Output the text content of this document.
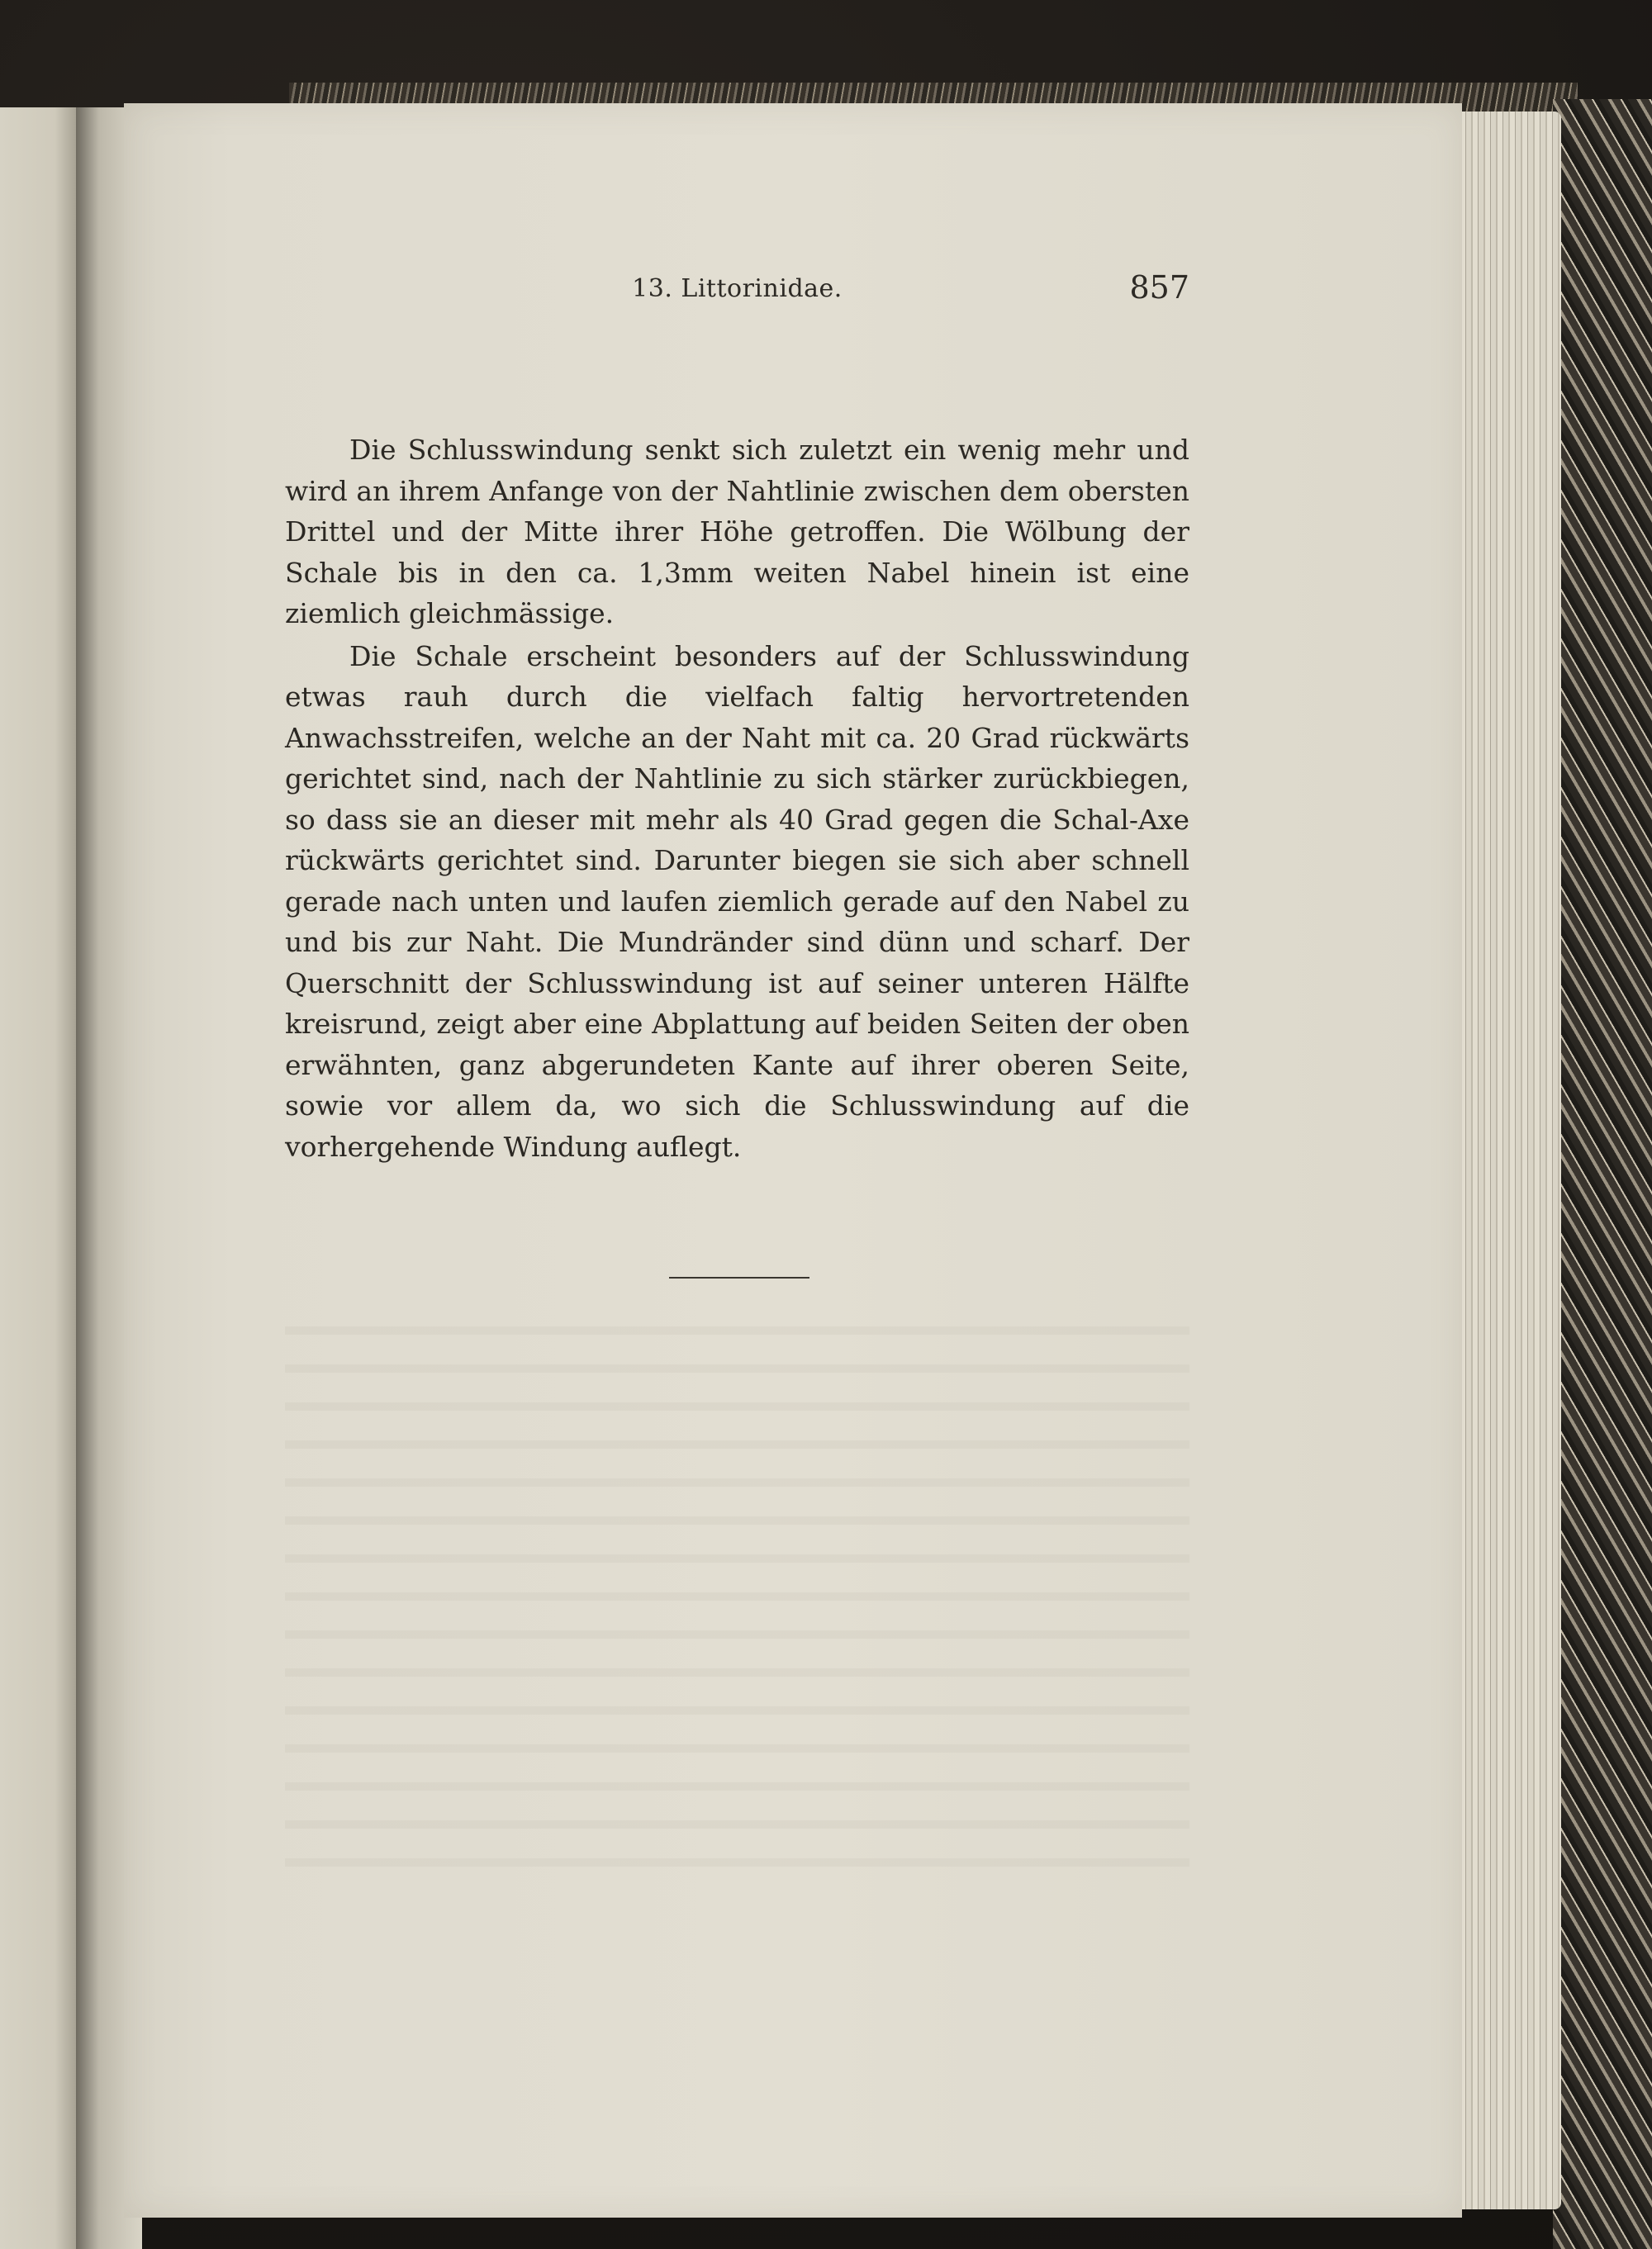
13. Littorinidae.	857

Die Schlusswindung senkt sich zuletzt ein wenig mehr und wird an ihrem Anfange von der Nahtlinie zwischen dem obersten Drittel und der Mitte ihrer Höhe getroffen. Die Wölbung der Schale bis in den ca. 1,3mm weiten Nabel hinein ist eine ziemlich gleichmässige.

Die Schale erscheint besonders auf der Schlusswindung etwas rauh durch die vielfach faltig hervortretenden Anwachsstreifen, welche an der Naht mit ca. 20 Grad rückwärts gerichtet sind, nach der Nahtlinie zu sich stärker zurückbiegen, so dass sie an dieser mit mehr als 40 Grad gegen die Schal-Axe rückwärts gerichtet sind. Darunter biegen sie sich aber schnell gerade nach unten und laufen ziemlich gerade auf den Nabel zu und bis zur Naht. Die Mundränder sind dünn und scharf. Der Querschnitt der Schlusswindung ist auf seiner unteren Hälfte kreisrund, zeigt aber eine Abplattung auf beiden Seiten der oben erwähnten, ganz abgerundeten Kante auf ihrer oberen Seite, sowie vor allem da, wo sich die Schlusswindung auf die vorhergehende Windung auflegt.
